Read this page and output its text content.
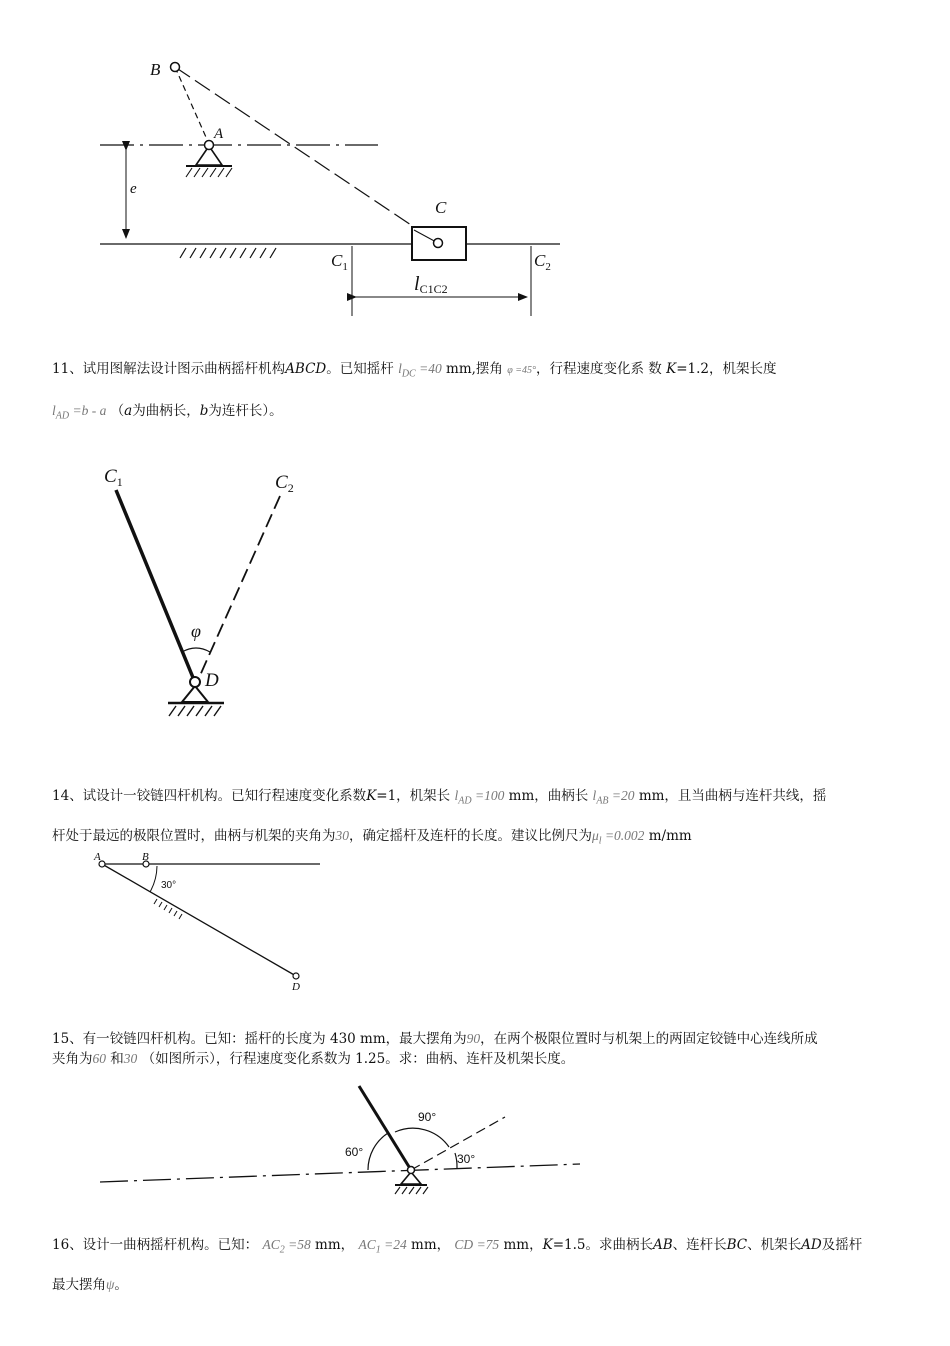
e
B
A
C
$C_1$	$C_2$
lC1C2
11、试用图解法设计图示曲柄摇杆机构ABCD。已知摇杆 $l_{DC} =40$ mm,摆角 φ =45°，行程速度变化系 数 K=1.2，机架长度
$l_{AD} =b - a$ （a为曲柄长，b为连杆长）。
$C_1$	$C_2$
φ
D
14、试设计一铰链四杆机构。已知行程速度变化系数K=1，机架长 $l_{AD} =100$ mm，曲柄长 $l_{AB} =20$ mm，且当曲柄与连杆共线，摇
杆处于最远的极限位置时，曲柄与机架的夹角为30，确定摇杆及连杆的长度。建议比例尺为$\mu_l =0.002$ m/mm
30°
A	B
D
15、有一铰链四杆机构。已知：摇杆的长度为 430 mm，最大摆角为90，在两个极限位置时与机架上的两固定铰链中心连线所成
夹角为60 和30 （如图所示），行程速度变化系数为 1.25。求：曲柄、连杆及机架长度。
60°
90°
30°
16、设计一曲柄摇杆机构。已知： $AC_2 =58$ mm， $AC_1 =24$ mm， CD =75 mm，K=1.5。求曲柄长AB、连杆长BC、机架长AD及摇杆
最大摆角ψ。
